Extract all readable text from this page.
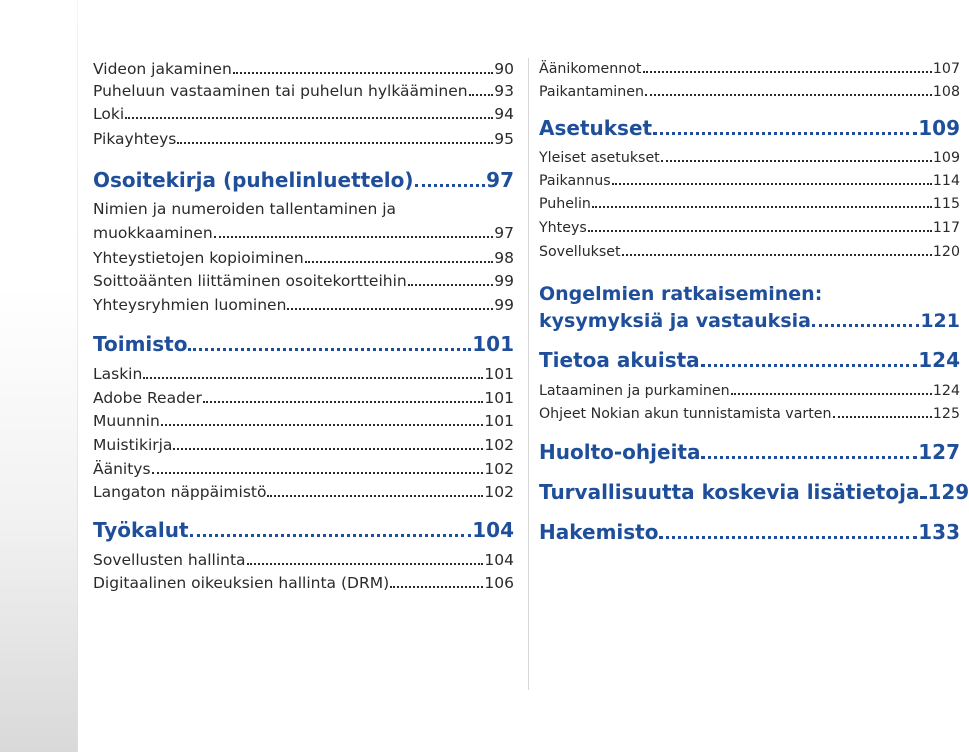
Videon jakaminen	90
Puheluun vastaaminen tai puhelun hylkääminen 93
Loki	94
Pikayhteys	95
Osoitekirja (puhelinluettelo)	97
Nimien ja numeroiden tallentaminen ja
muokkaaminen	97
Yhteystietojen kopioiminen	98
Soittoäänten liittäminen osoitekortteihin	99
Yhteysryhmien luominen	99
Toimisto	101
Laskin	101
Adobe Reader	101
Muunnin	101
Muistikirja	102
Äänitys	102
Langaton näppäimistö	102
Työkalut	104
Sovellusten hallinta	104
Digitaalinen oikeuksien hallinta (DRM)	106
Äänikomennot	107
Paikantaminen	108
Asetukset	109
Yleiset asetukset	109
Paikannus	114
Puhelin	115
Yhteys	117
Sovellukset	120
Ongelmien ratkaiseminen:
kysymyksiä ja vastauksia	121
Tietoa akuista	124
Lataaminen ja purkaminen	124
Ohjeet Nokian akun tunnistamista varten	125
Huolto-ohjeita	127
Turvallisuutta koskevia lisätietoja 129
Hakemisto	133
